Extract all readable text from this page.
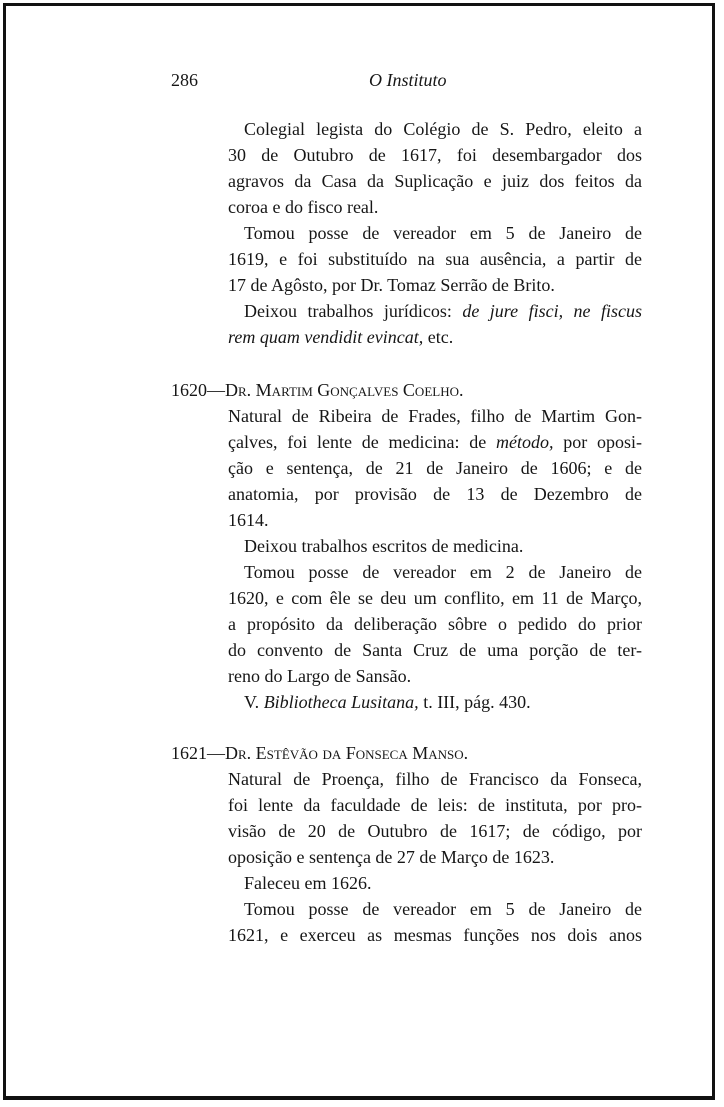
286	O Instituto

Colegial legista do Colégio de S. Pedro, eleito a

30 de Outubro de 1617, foi desembargador dos

agravos da Casa da Suplicação e juiz dos feitos da

coroa e do fisco real.

Tomou posse de vereador em 5 de Janeiro de

1619, e foi substituído na sua ausência, a partir de

17 de Agôsto, por Dr. Tomaz Serrão de Brito.

Deixou trabalhos jurídicos: de jure fisci, ne fiscus

rem quam vendidit evincat, etc.

1620—Dr. Martim Gonçalves Coelho.

Natural de Ribeira de Frades, filho de Martim Gon-

çalves, foi lente de medicina: de método, por oposi-

ção e sentença, de 21 de Janeiro de 1606; e de

anatomia, por provisão de 13 de Dezembro de

1614.

Deixou trabalhos escritos de medicina.

Tomou posse de vereador em 2 de Janeiro de

1620, e com êle se deu um conflito, em 11 de Março,

a propósito da deliberação sôbre o pedido do prior

do convento de Santa Cruz de uma porção de ter-

reno do Largo de Sansão.

V. Bibliotheca Lusitana, t. III, pág. 430.

1621—Dr. Estêvão da Fonseca Manso.

Natural de Proença, filho de Francisco da Fonseca,

foi lente da faculdade de leis: de instituta, por pro-

visão de 20 de Outubro de 1617; de código, por

oposição e sentença de 27 de Março de 1623.

Faleceu em 1626.

Tomou posse de vereador em 5 de Janeiro de

1621, e exerceu as mesmas funções nos dois anos
